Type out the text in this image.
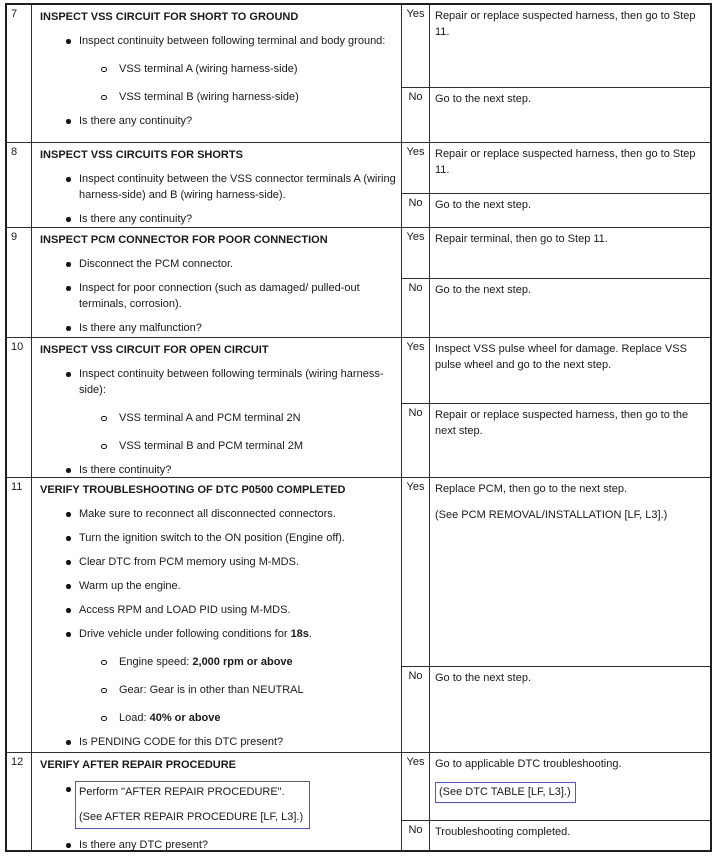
7	INSPECT VSS CIRCUIT FOR SHORT TO GROUND
Inspect continuity between following terminal and body ground:
VSS terminal A (wiring harness-side)
VSS terminal B (wiring harness-side)
Is there any continuity?
Yes Repair or replace suspected harness, then go to Step 11.
No	Go to the next step.
8	INSPECT VSS CIRCUITS FOR SHORTS
Inspect continuity between the VSS connector terminals A (wiring harness-side) and B (wiring harness-side).
Is there any continuity?
Yes Repair or replace suspected harness, then go to Step 11.
No	Go to the next step.
9	INSPECT PCM CONNECTOR FOR POOR CONNECTION
Disconnect the PCM connector.
Inspect for poor connection (such as damaged/ pulled-out terminals, corrosion).
Is there any malfunction?
Yes Repair terminal, then go to Step 11.
No	Go to the next step.
10	INSPECT VSS CIRCUIT FOR OPEN CIRCUIT
Inspect continuity between following terminals (wiring harness-side):
VSS terminal A and PCM terminal 2N
VSS terminal B and PCM terminal 2M
Is there continuity?
Yes Inspect VSS pulse wheel for damage. Replace VSS pulse wheel and go to the next step.
No	Repair or replace suspected harness, then go to the next step.
11	VERIFY TROUBLESHOOTING OF DTC P0500 COMPLETED
Make sure to reconnect all disconnected connectors.
Turn the ignition switch to the ON position (Engine off).
Clear DTC from PCM memory using M-MDS.
Warm up the engine.
Access RPM and LOAD PID using M-MDS.
Drive vehicle under following conditions for 18s.
Engine speed: 2,000 rpm or above
Gear: Gear is in other than NEUTRAL
Load: 40% or above
Is PENDING CODE for this DTC present?
Yes Replace PCM, then go to the next step.
(See PCM REMOVAL/INSTALLATION [LF, L3].)
No	Go to the next step.
12	VERIFY AFTER REPAIR PROCEDURE
Perform "AFTER REPAIR PROCEDURE".
(See AFTER REPAIR PROCEDURE [LF, L3].)
Is there any DTC present?
Yes Go to applicable DTC troubleshooting.
(See DTC TABLE [LF, L3].)
No	Troubleshooting completed.
